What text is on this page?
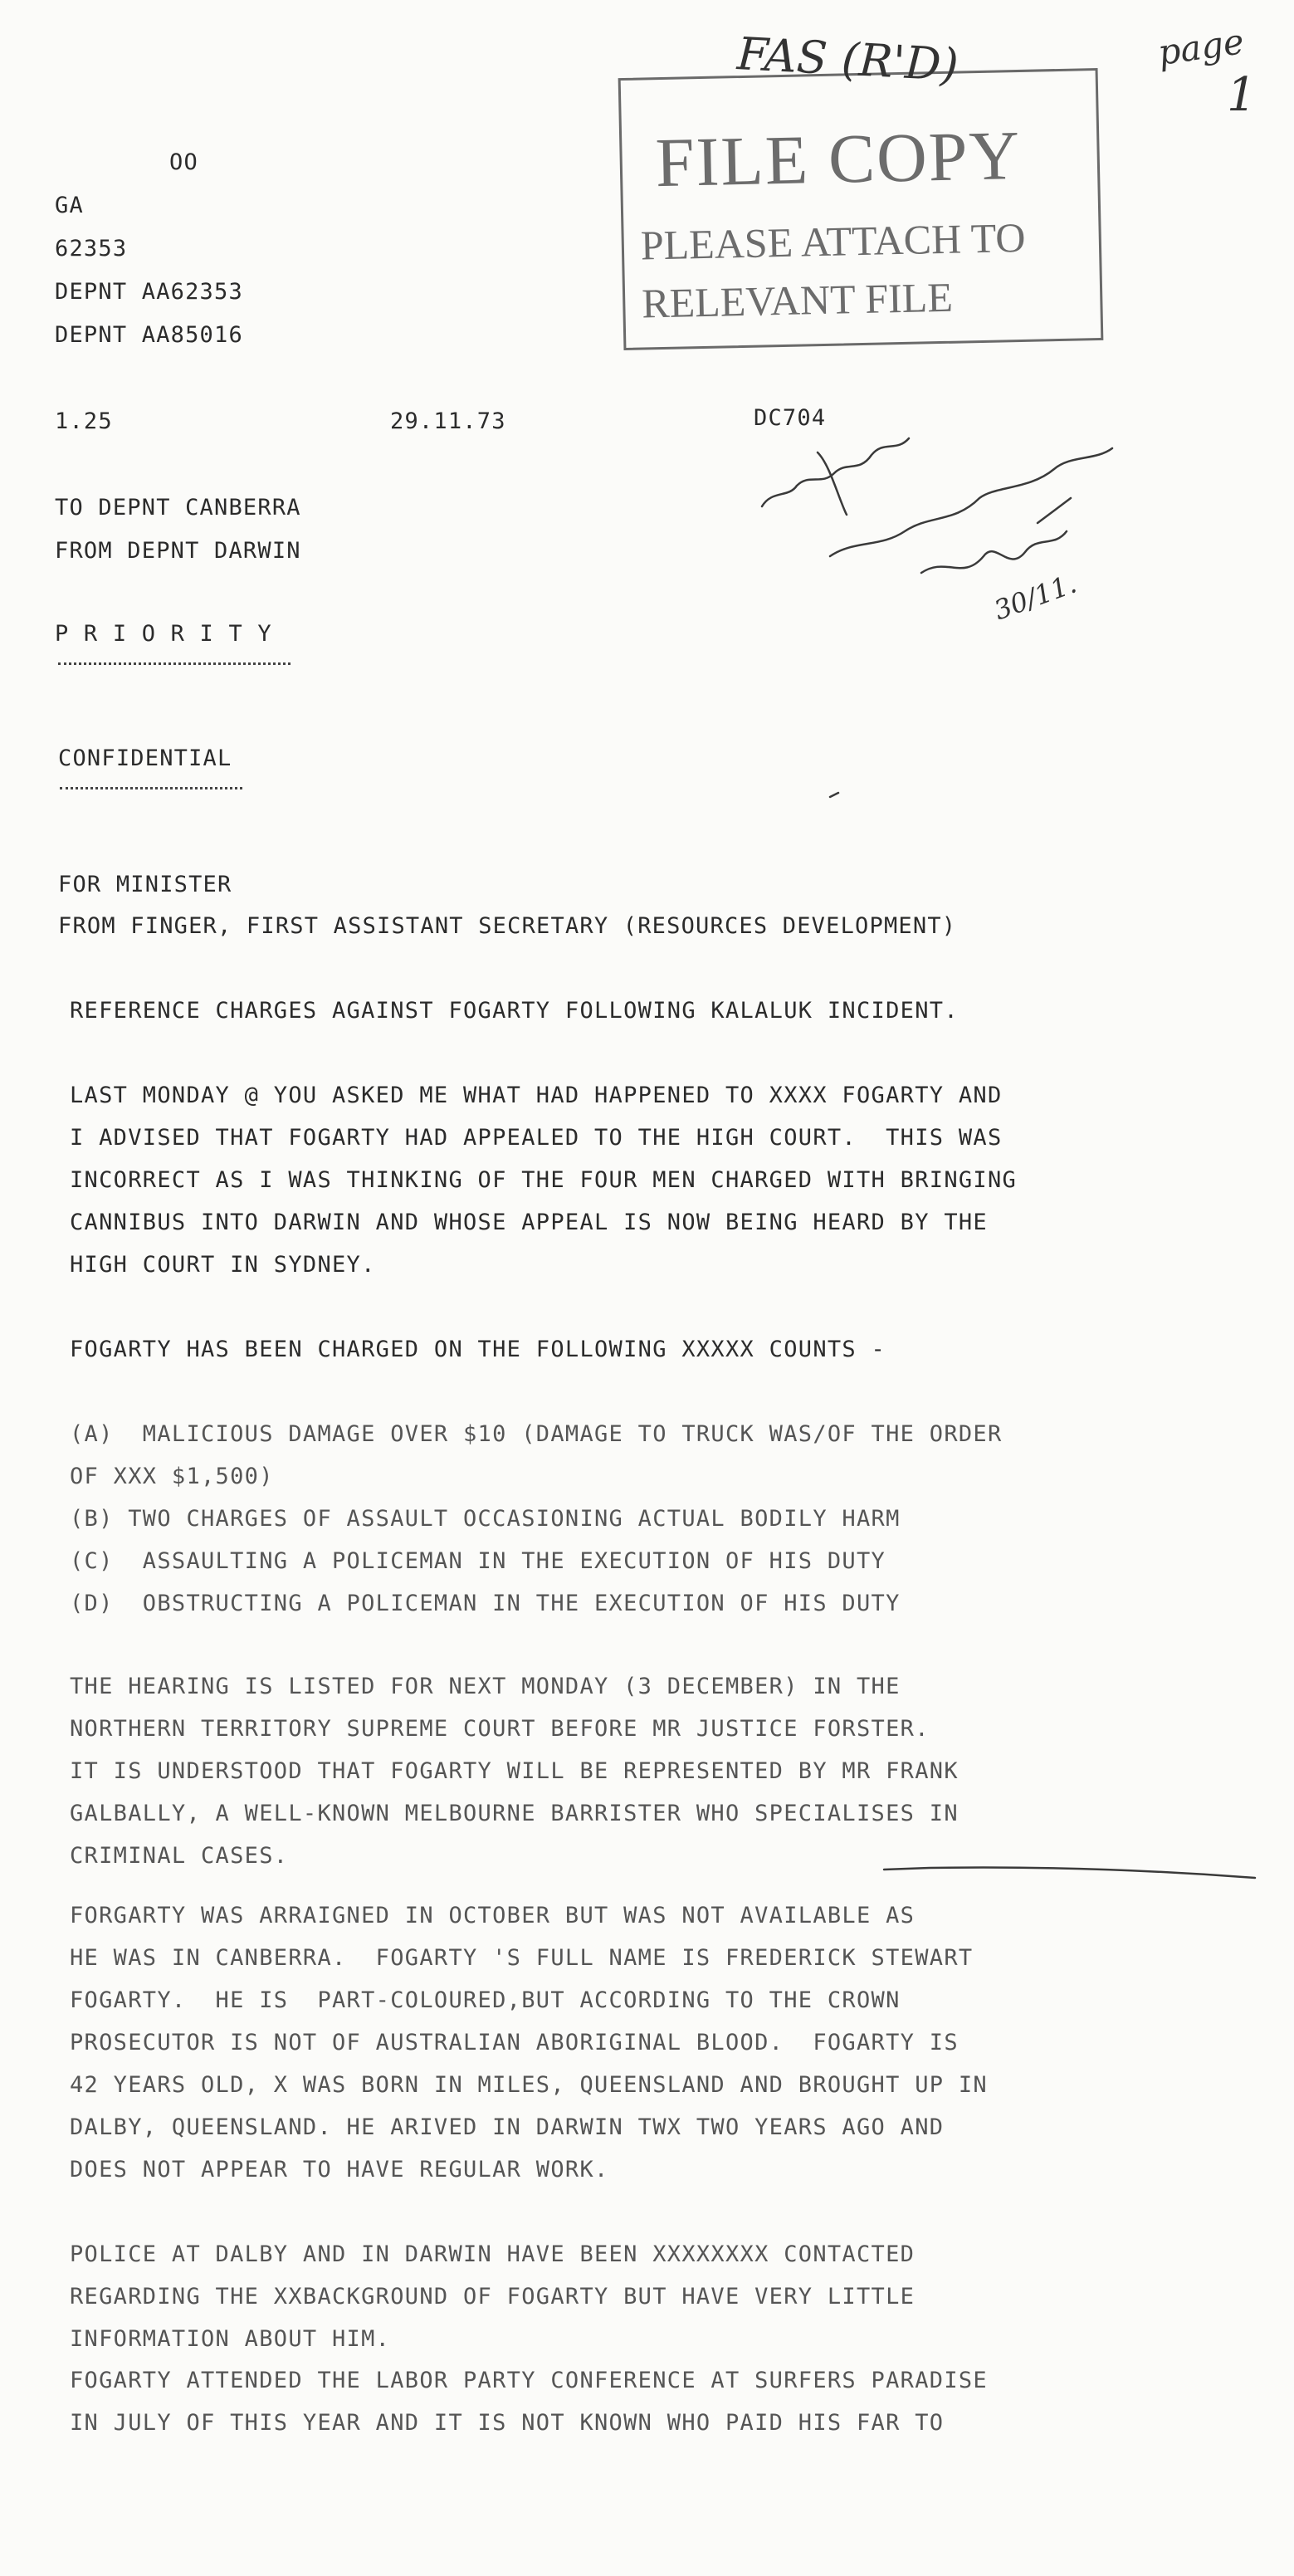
OO
GA
62353
DEPNT AA62353
DEPNT AA85016
1.25	29.11.73	DC704
FILE COPY
PLEASE ATTACH TO
RELEVANT FILE
FAS (R'D)	page
1
30/11.
TO DEPNT CANBERRA
FROM DEPNT DARWIN
P R I O R I T Y
CONFIDENTIAL
FOR MINISTER
FROM FINGER, FIRST ASSISTANT SECRETARY (RESOURCES DEVELOPMENT)
REFERENCE CHARGES AGAINST FOGARTY FOLLOWING KALALUK INCIDENT.
LAST MONDAY @ YOU ASKED ME WHAT HAD HAPPENED TO XXXX FOGARTY AND
I ADVISED THAT FOGARTY HAD APPEALED TO THE HIGH COURT.  THIS WAS
INCORRECT AS I WAS THINKING OF THE FOUR MEN CHARGED WITH BRINGING
CANNIBUS INTO DARWIN AND WHOSE APPEAL IS NOW BEING HEARD BY THE
HIGH COURT IN SYDNEY.
FOGARTY HAS BEEN CHARGED ON THE FOLLOWING XXXXX COUNTS -
(A)  MALICIOUS DAMAGE OVER $10 (DAMAGE TO TRUCK WAS/OF THE ORDER
OF XXX $1,500)
(B) TWO CHARGES OF ASSAULT OCCASIONING ACTUAL BODILY HARM
(C)  ASSAULTING A POLICEMAN IN THE EXECUTION OF HIS DUTY
(D)  OBSTRUCTING A POLICEMAN IN THE EXECUTION OF HIS DUTY
THE HEARING IS LISTED FOR NEXT MONDAY (3 DECEMBER) IN THE
NORTHERN TERRITORY SUPREME COURT BEFORE MR JUSTICE FORSTER.
IT IS UNDERSTOOD THAT FOGARTY WILL BE REPRESENTED BY MR FRANK
GALBALLY, A WELL-KNOWN MELBOURNE BARRISTER WHO SPECIALISES IN
CRIMINAL CASES.
FORGARTY WAS ARRAIGNED IN OCTOBER BUT WAS NOT AVAILABLE AS
HE WAS IN CANBERRA.  FOGARTY 'S FULL NAME IS FREDERICK STEWART
FOGARTY.  HE IS  PART-COLOURED,BUT ACCORDING TO THE CROWN
PROSECUTOR IS NOT OF AUSTRALIAN ABORIGINAL BLOOD.  FOGARTY IS
42 YEARS OLD, X WAS BORN IN MILES, QUEENSLAND AND BROUGHT UP IN
DALBY, QUEENSLAND. HE ARIVED IN DARWIN TWX TWO YEARS AGO AND
DOES NOT APPEAR TO HAVE REGULAR WORK.
POLICE AT DALBY AND IN DARWIN HAVE BEEN XXXXXXXX CONTACTED
REGARDING THE XXBACKGROUND OF FOGARTY BUT HAVE VERY LITTLE
INFORMATION ABOUT HIM.
FOGARTY ATTENDED THE LABOR PARTY CONFERENCE AT SURFERS PARADISE
IN JULY OF THIS YEAR AND IT IS NOT KNOWN WHO PAID HIS FAR TO
